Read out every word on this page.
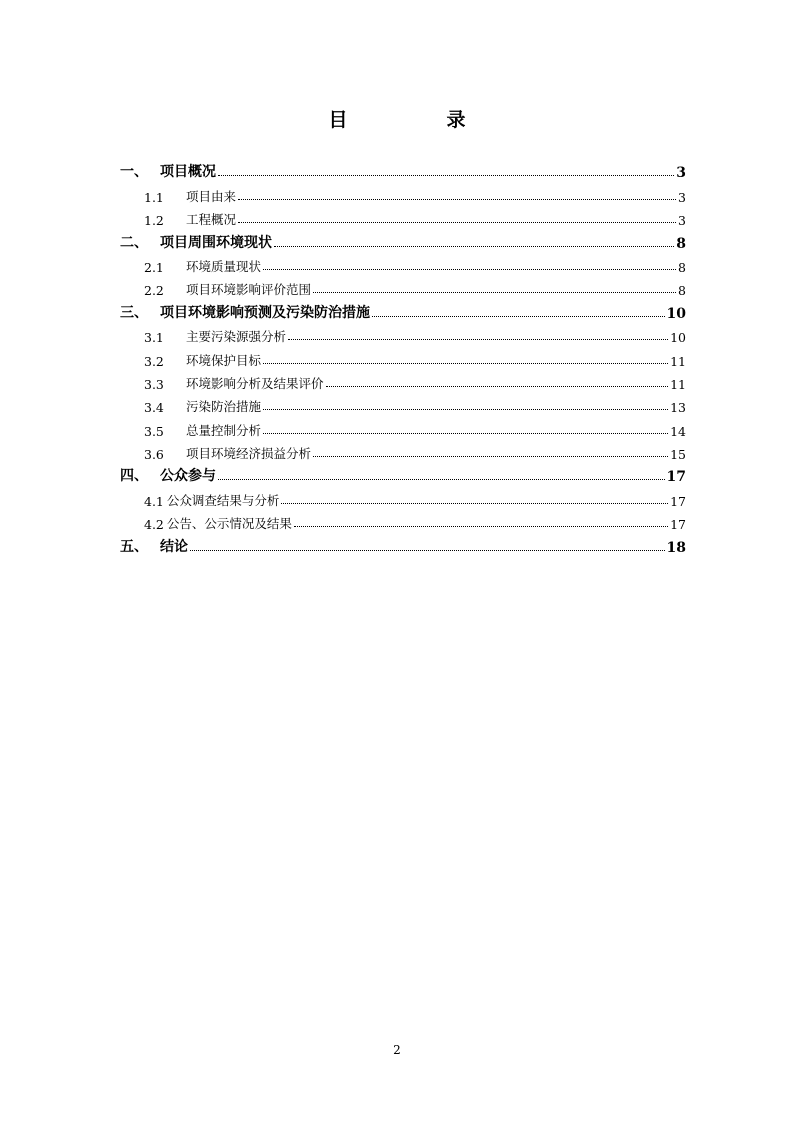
目　录
一、 项目概况	3
1.1	项目由来	3
1.2	工程概况	3
二、 项目周围环境现状	8
2.1	环境质量现状	8
2.2	项目环境影响评价范围	8
三、 项目环境影响预测及污染防治措施	10
3.1	主要污染源强分析	10
3.2	环境保护目标	11
3.3	环境影响分析及结果评价	11
3.4	污染防治措施	13
3.5	总量控制分析	14
3.6	项目环境经济损益分析	15
四、 公众参与	17
4.1 公众调查结果与分析	17
4.2 公告、公示情况及结果	17
五、 结论	18
2
